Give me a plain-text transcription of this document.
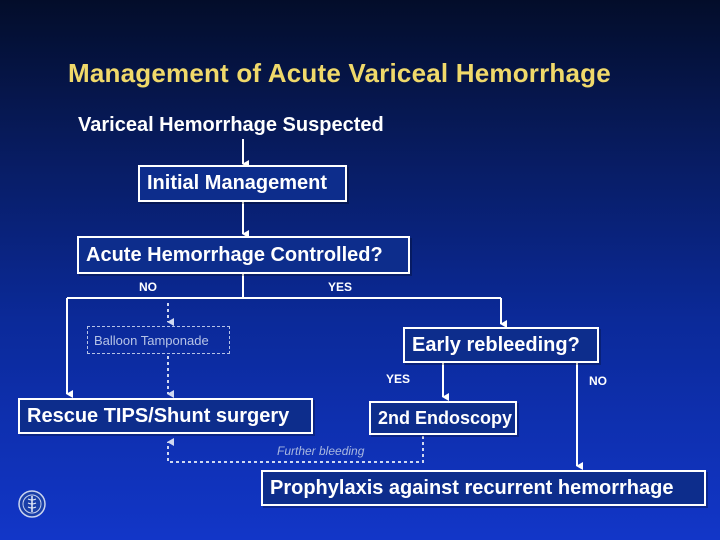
Management of Acute Variceal Hemorrhage
Variceal Hemorrhage Suspected
Initial Management
Acute Hemorrhage Controlled?
NO	YES
Balloon Tamponade	Early rebleeding?
YES	NO
Rescue TIPS/Shunt surgery	2nd Endoscopy
Further bleeding
Prophylaxis against recurrent hemorrhage
